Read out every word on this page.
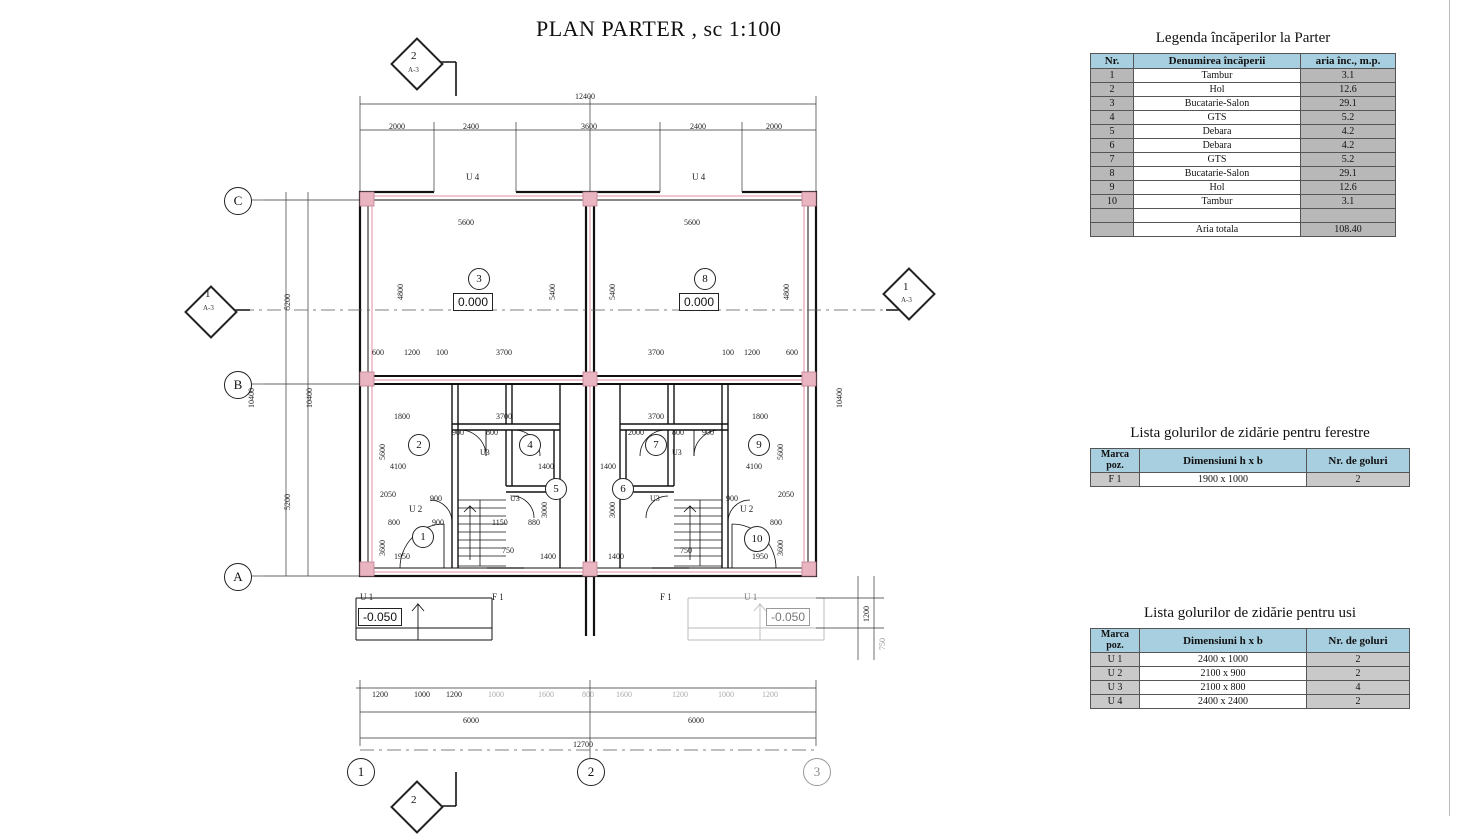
PLAN PARTER , sc 1:100	Legenda încăperilor la Parter
Nr.	Denumirea încăperii	aria înc., m.p.
1	Tambur	3.1
2	Hol	12.6
3	Bucatarie-Salon	29.1
4	GTS	5.2
5	Debara	4.2
6	Debara	4.2
7	GTS	5.2
8	Bucatarie-Salon	29.1
9	Hol	12.6
10	Tambur	3.1

	Aria totala	108.40
Lista golurilor de zidărie pentru ferestre
Marca poz.	Dimensiuni h x b	Nr. de goluri
F 1	1900 x 1000	2
Lista golurilor de zidărie pentru usi
Marca poz.	Dimensiuni h x b	Nr. de goluri
U 1	2400 x 1000	2
U 2	2100 x 900	2
U 3	2100 x 800	4
U 4	2400 x 2400	2
3	8
2	4
5	6
7	9
1	10
0.000	0.000
-0.050	-0.050
C
B
A
1	2	3
2
A-3
1
A-3
1
A-3
2
12400
2000	2400	3600	2400	2000
U 4	U 4
U 2	U 2
U3
U3
U3
U3
U 1	U 1
F 1	F 1
5600	5600
4800	4800
5400	5400
600	1200 100	3700	3700	100 1200	600
1800	1800
3700	3700
5600	5600
900	800	2000	800 900
4100	4100
1400	1400
2050	2050
900	900
800	800
1950	1950
900	1150	880
750
1400	1400
750
3600	3600
3000	3000
5200
5200
10400
10400	10400
1200	1000 1200	1000	1600	800	1600	1200	1000	1200
6000	6000
12700
1200
750
